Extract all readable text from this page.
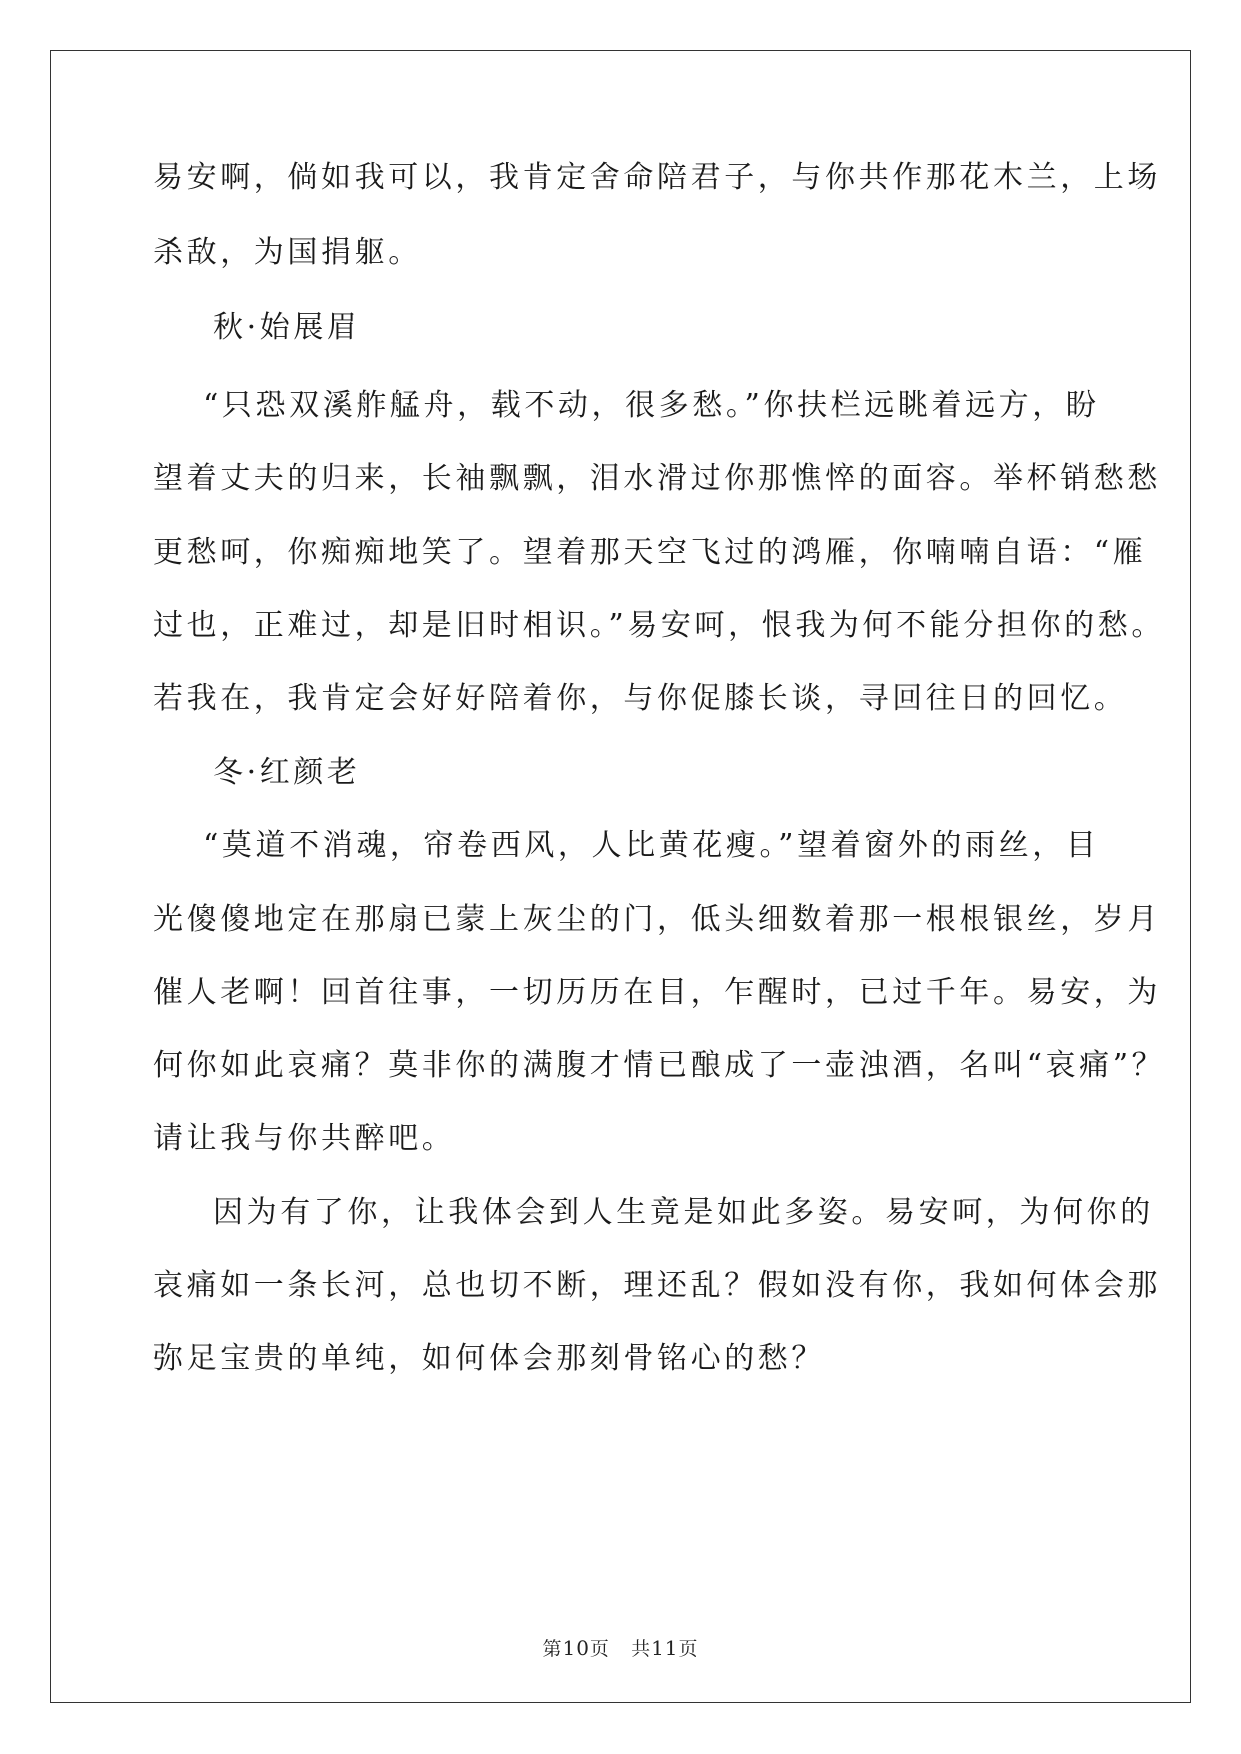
易安啊，倘如我可以，我肯定舍命陪君子，与你共作那花木兰，上场
杀敌，为国捐躯。
秋·始展眉
“只恐双溪舴艋舟，载不动，很多愁。”你扶栏远眺着远方，盼
望着丈夫的归来，长袖飘飘，泪水滑过你那憔悴的面容。举杯销愁愁
更愁呵，你痴痴地笑了。望着那天空飞过的鸿雁，你喃喃自语：“雁
过也，正难过，却是旧时相识。”易安呵，恨我为何不能分担你的愁。
若我在，我肯定会好好陪着你，与你促膝长谈，寻回往日的回忆。
冬·红颜老
“莫道不消魂，帘卷西风，人比黄花瘦。”望着窗外的雨丝，目
光傻傻地定在那扇已蒙上灰尘的门，低头细数着那一根根银丝，岁月
催人老啊！回首往事，一切历历在目，乍醒时，已过千年。易安，为
何你如此哀痛？莫非你的满腹才情已酿成了一壶浊酒，名叫“哀痛”？
请让我与你共醉吧。
因为有了你，让我体会到人生竟是如此多姿。易安呵，为何你的
哀痛如一条长河，总也切不断，理还乱？假如没有你，我如何体会那
弥足宝贵的单纯，如何体会那刻骨铭心的愁？
第10页 共11页
